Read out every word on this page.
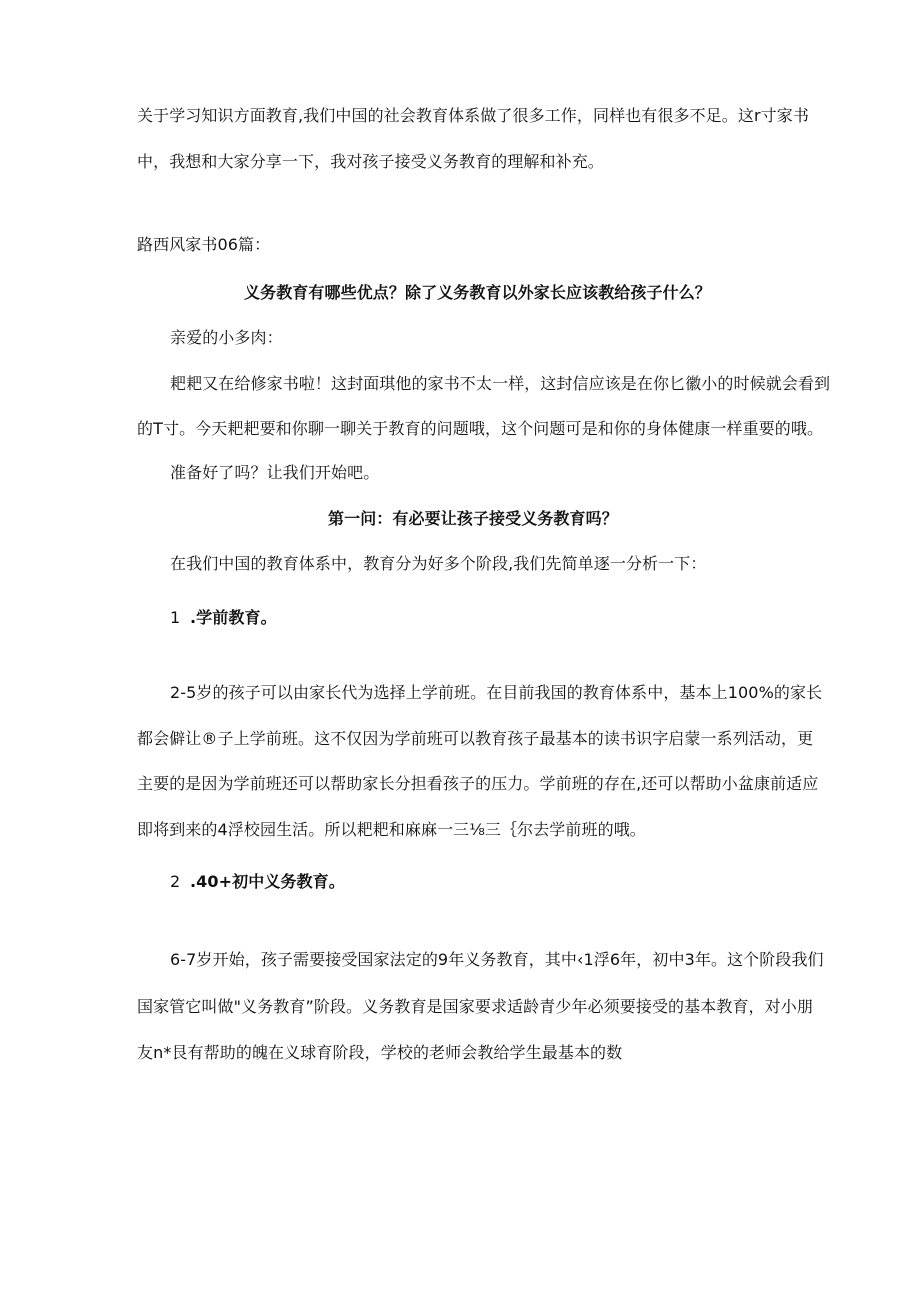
关于学习知识方面教育,我们中国的社会教育体系做了很多工作，同样也有很多不足。这r寸家书
中，我想和大家分享一下，我对孩子接受义务教育的理解和补充。
路西风家书06篇：
义务教育有哪些优点？除了义务教育以外家长应该教给孩子什么？
亲爱的小多肉：
耙耙又在给修家书啦！这封面琪他的家书不太一样，这封信应该是在你匕徽小的时候就会看到
的T寸。今天耙耙要和你聊一聊关于教育的问题哦，这个问题可是和你的身体健康一样重要的哦。
准备好了吗？让我们开始吧。
第一问：有必要让孩子接受义务教育吗？
在我们中国的教育体系中，教育分为好多个阶段,我们先简单逐一分析一下：
1 .学前教育。
2-5岁的孩子可以由家长代为选择上学前班。在目前我国的教育体系中，基本上100%的家长
都会僻让®子上学前班。这不仅因为学前班可以教育孩子最基本的读书识字启蒙一系列活动，更
主要的是因为学前班还可以帮助家长分担看孩子的压力。学前班的存在,还可以帮助小盆康前适应
即将到来的4浮校园生活。所以耙耙和麻麻一三⅛三｛尔去学前班的哦。
2 .40+初中义务教育。
6-7岁开始，孩子需要接受国家法定的9年义务教育，其中‹1浮6年，初中3年。这个阶段我们
国家管它叫做"义务教育”阶段。义务教育是国家要求适龄青少年必须要接受的基本教育，对小朋
友n*艮有帮助的魄在义球育阶段，学校的老师会教给学生最基本的数
